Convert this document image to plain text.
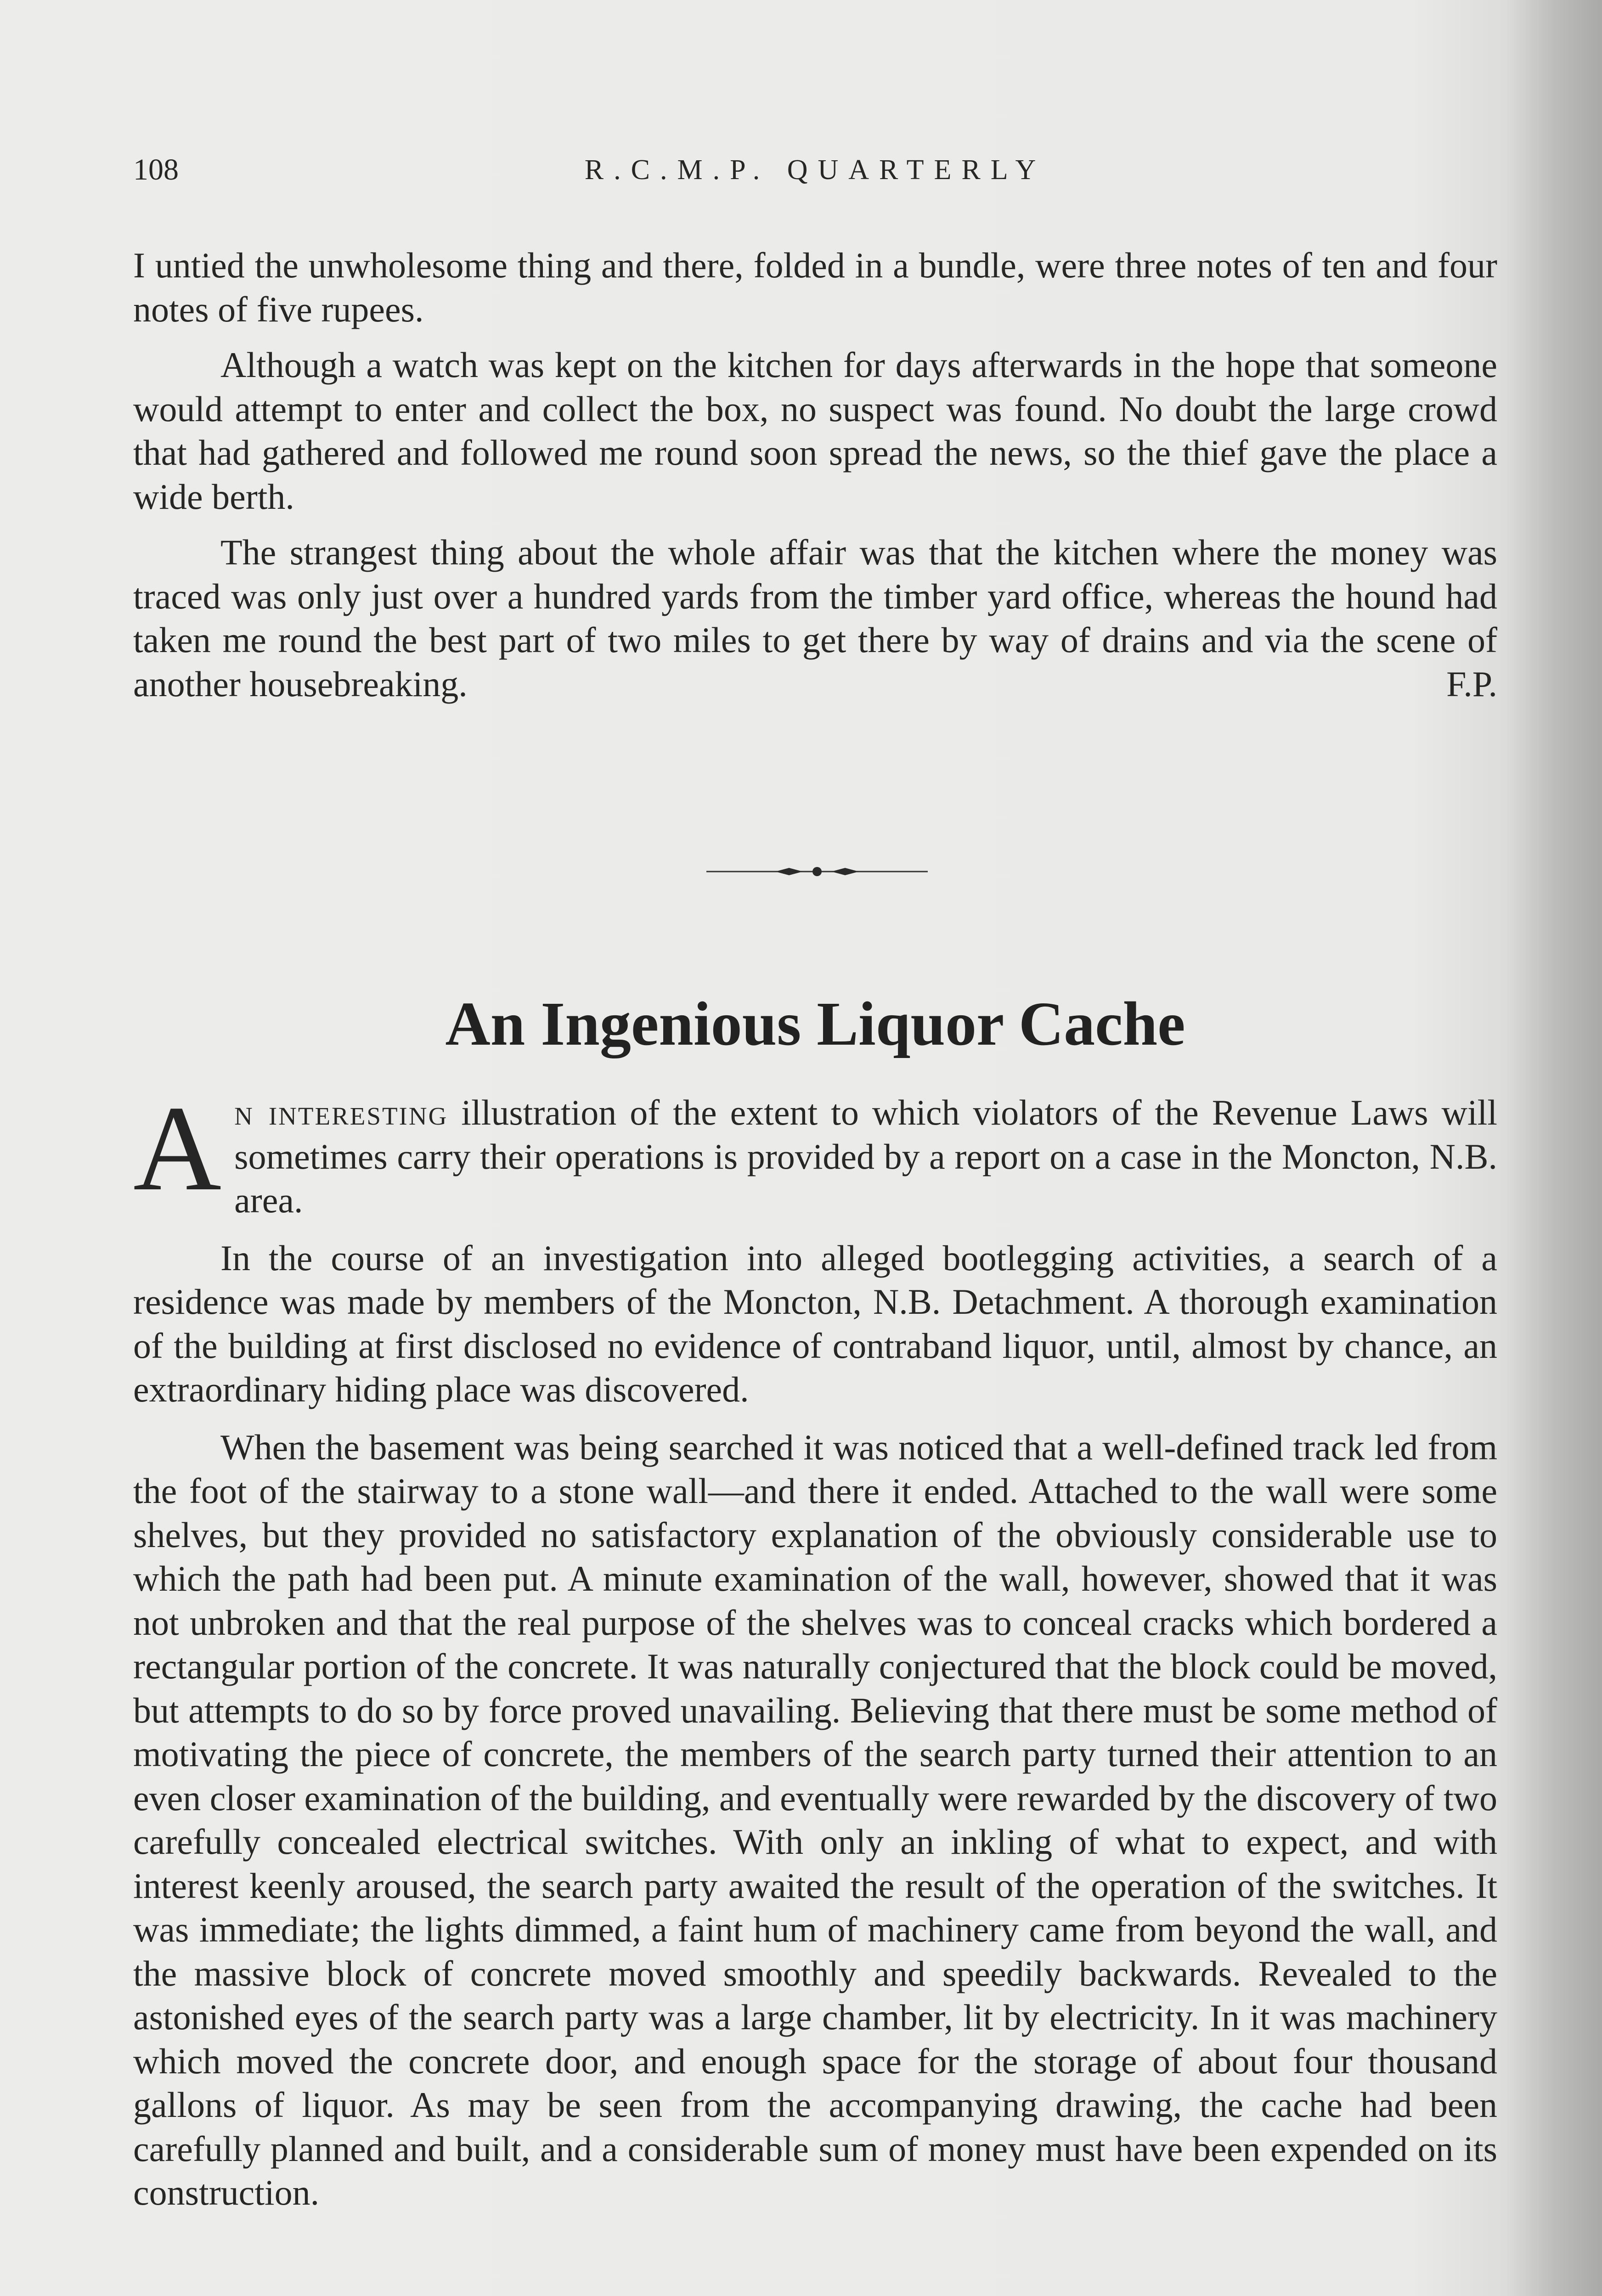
108	R.C.M.P. QUARTERLY

I untied the unwholesome thing and there, folded in a bundle, were three notes of ten and four notes of five rupees.

Although a watch was kept on the kitchen for days afterwards in the hope that someone would attempt to enter and collect the box, no suspect was found. No doubt the large crowd that had gathered and followed me round soon spread the news, so the thief gave the place a wide berth.

The strangest thing about the whole affair was that the kitchen where the money was traced was only just over a hundred yards from the timber yard office, whereas the hound had taken me round the best part of two miles to get there by way of drains and via the scene of another housebreaking.	F.P.

An Ingenious Liquor Cache

An interesting illustration of the extent to which violators of the Revenue Laws will sometimes carry their operations is provided by a report on a case in the Moncton, N.B. area.

In the course of an investigation into alleged bootlegging activities, a search of a residence was made by members of the Moncton, N.B. Detachment. A thorough examination of the building at first disclosed no evidence of contraband liquor, until, almost by chance, an extraordinary hiding place was discovered.

When the basement was being searched it was noticed that a well-defined track led from the foot of the stairway to a stone wall—and there it ended. Attached to the wall were some shelves, but they provided no satisfactory explanation of the obviously considerable use to which the path had been put. A minute examination of the wall, however, showed that it was not unbroken and that the real purpose of the shelves was to conceal cracks which bordered a rectangular portion of the concrete. It was naturally conjectured that the block could be moved, but attempts to do so by force proved unavailing. Believing that there must be some method of motivating the piece of concrete, the members of the search party turned their attention to an even closer examination of the building, and eventually were rewarded by the discovery of two carefully concealed electrical switches. With only an inkling of what to expect, and with interest keenly aroused, the search party awaited the result of the operation of the switches. It was immediate; the lights dimmed, a faint hum of machinery came from beyond the wall, and the massive block of concrete moved smoothly and speedily backwards. Revealed to the astonished eyes of the search party was a large chamber, lit by electricity. In it was machinery which moved the concrete door, and enough space for the storage of about four thousand gallons of liquor. As may be seen from the accompanying drawing, the cache had been carefully planned and built, and a considerable sum of money must have been expended on its construction.
